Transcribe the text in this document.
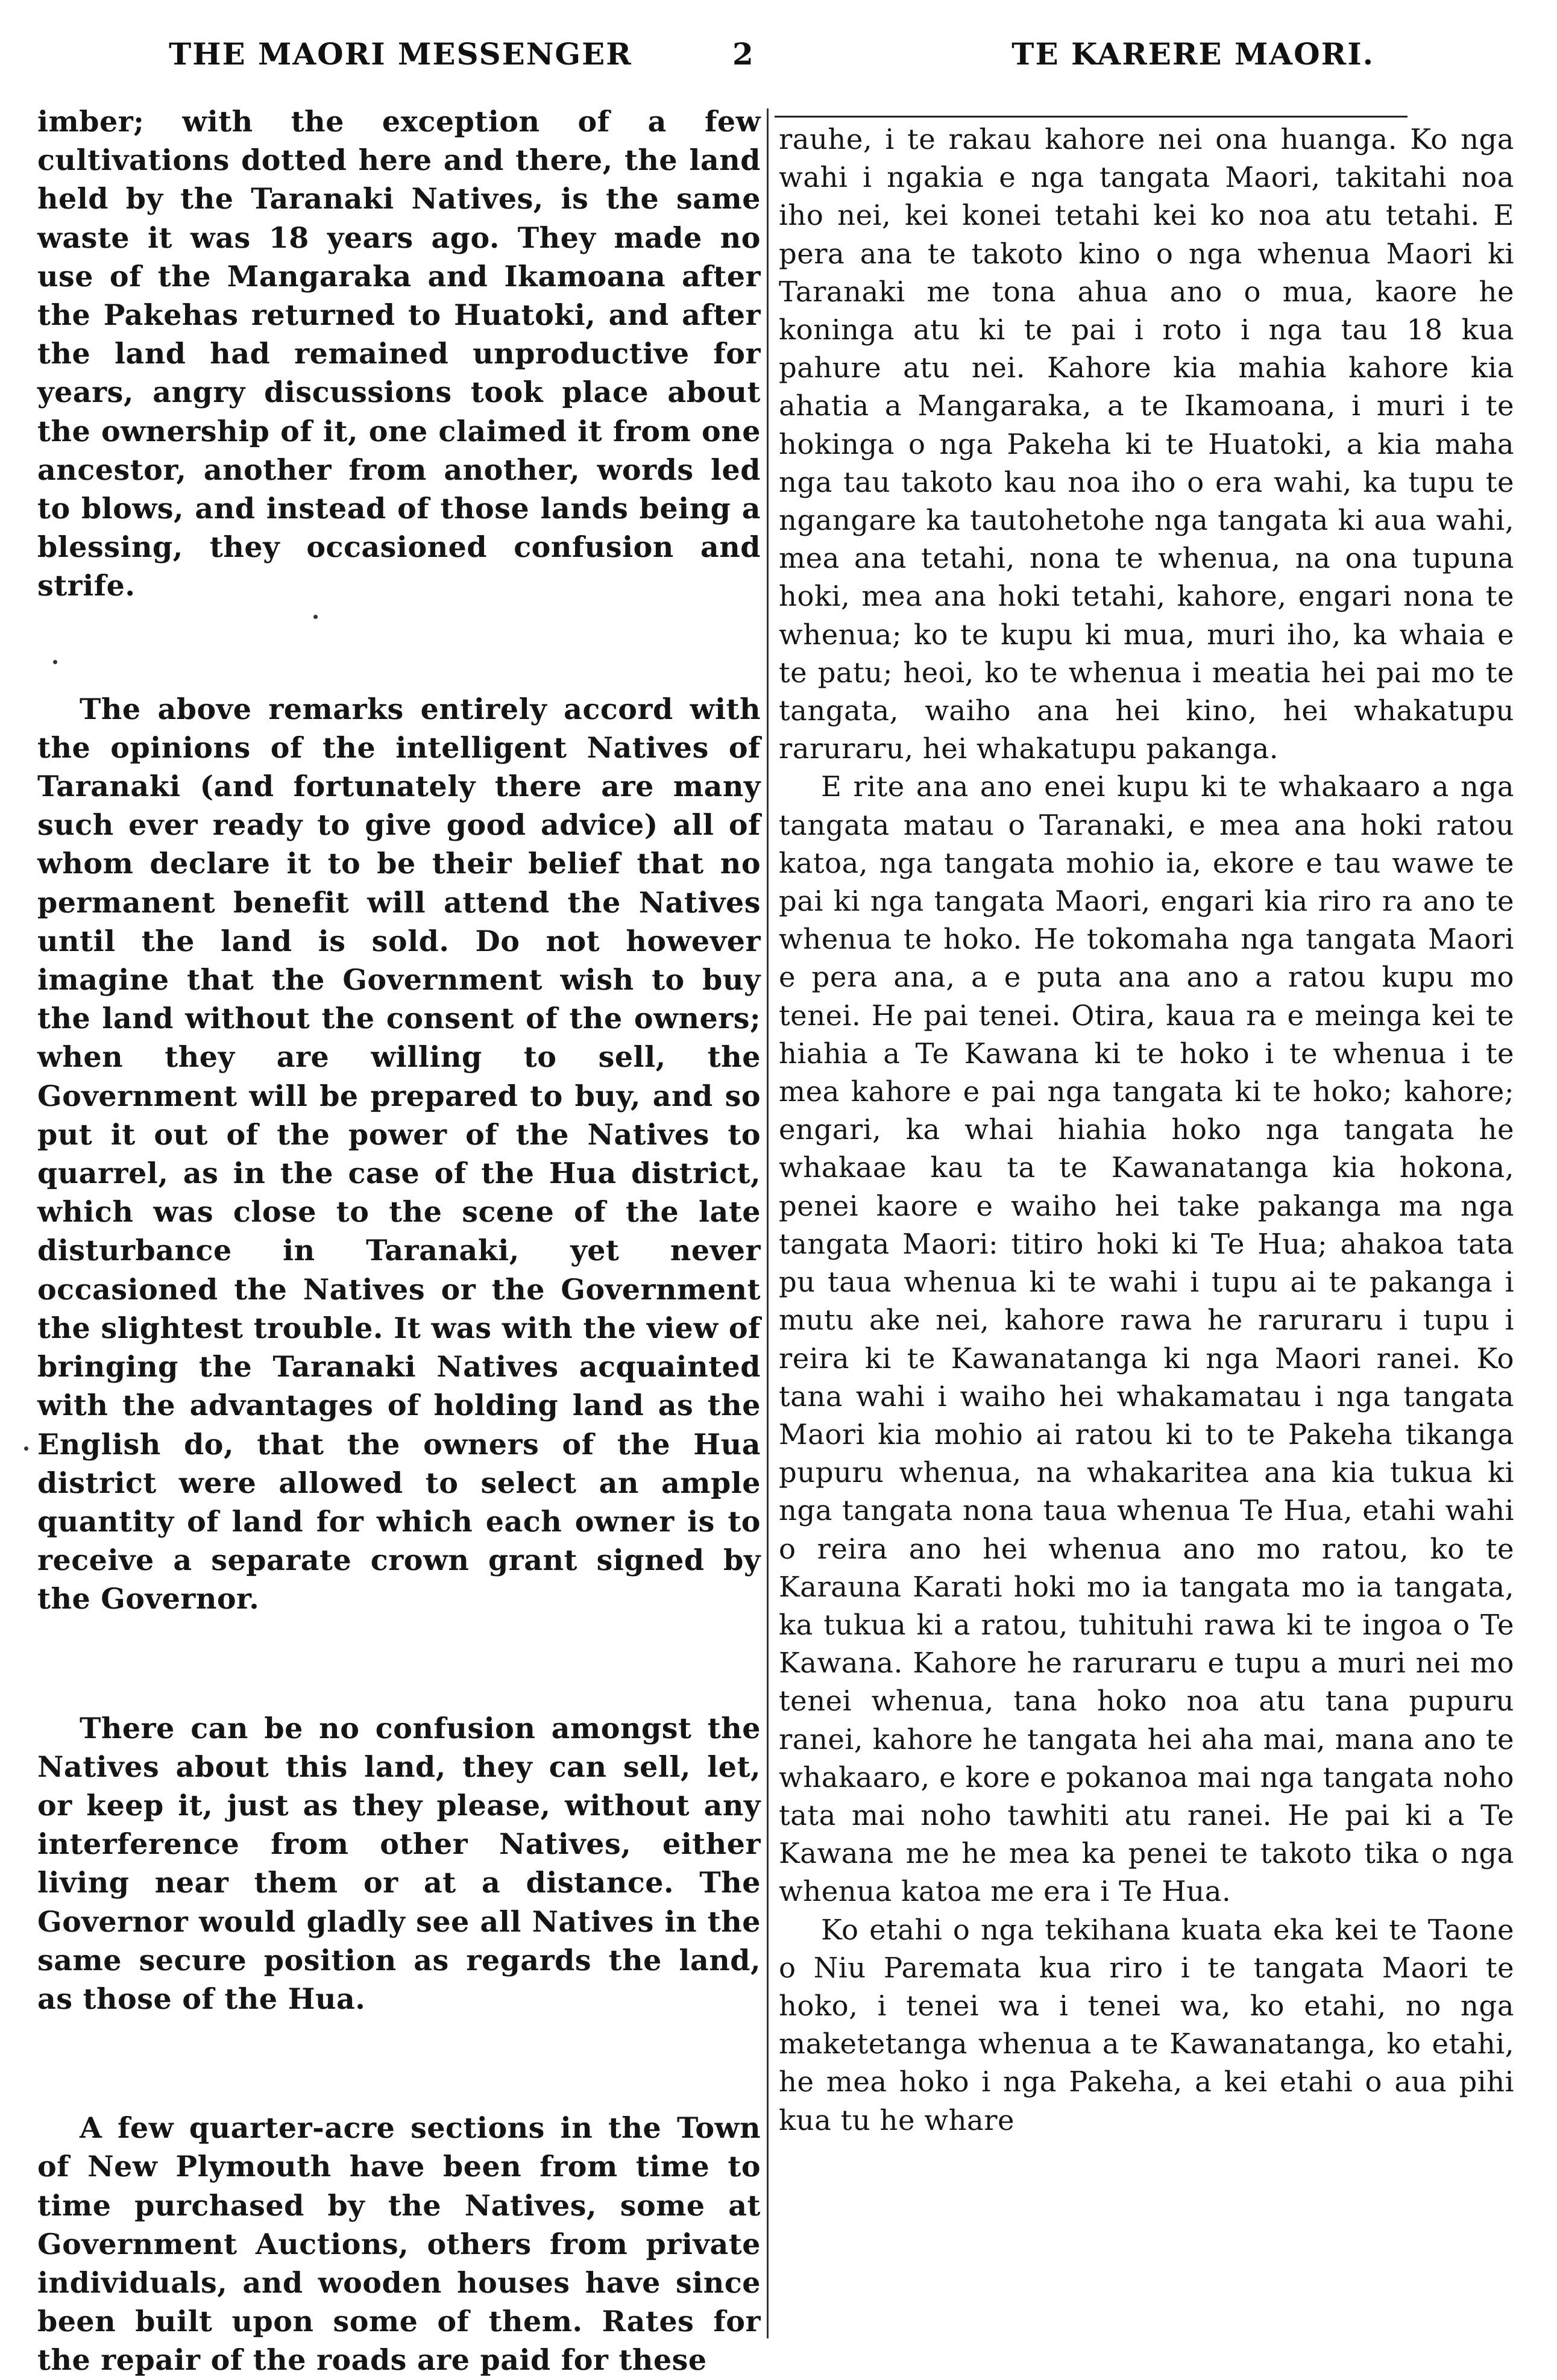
THE MAORI MESSENGER	2	TE KARERE MAORI.

imber; with the exception of a few cultivations dotted here and there, the land held by the Taranaki Natives, is the same waste it was 18 years ago. They made no use of the Mangaraka and Ikamoana after the Pakehas returned to Huatoki, and after the land had remained unproductive for years, angry discussions took place about the ownership of it, one claimed it from one ancestor, another from another, words led to blows, and instead of those lands being a blessing, they occasioned confusion and strife.

The above remarks entirely accord with the opinions of the intelligent Natives of Taranaki (and fortunately there are many such ever ready to give good advice) all of whom declare it to be their belief that no permanent benefit will attend the Natives until the land is sold. Do not however imagine that the Government wish to buy the land without the consent of the owners; when they are willing to sell, the Government will be prepared to buy, and so put it out of the power of the Natives to quarrel, as in the case of the Hua district, which was close to the scene of the late disturbance in Taranaki, yet never occasioned the Natives or the Government the slightest trouble. It was with the view of bringing the Taranaki Natives acquainted with the advantages of holding land as the English do, that the owners of the Hua district were allowed to select an ample quantity of land for which each owner is to receive a separate crown grant signed by the Governor.

There can be no confusion amongst the Natives about this land, they can sell, let, or keep it, just as they please, without any interference from other Natives, either living near them or at a distance. The Governor would gladly see all Natives in the same secure position as regards the land, as those of the Hua.

A few quarter-acre sections in the Town of New Plymouth have been from time to time purchased by the Natives, some at Government Auctions, others from private individuals, and wooden houses have since been built upon some of them. Rates for the repair of the roads are paid for these

rauhe, i te rakau kahore nei ona huanga. Ko nga wahi i ngakia e nga tangata Maori, takitahi noa iho nei, kei konei tetahi kei ko noa atu tetahi. E pera ana te takoto kino o nga whenua Maori ki Taranaki me tona ahua ano o mua, kaore he koninga atu ki te pai i roto i nga tau 18 kua pahure atu nei. Kahore kia mahia kahore kia ahatia a Mangaraka, a te Ikamoana, i muri i te hokinga o nga Pakeha ki te Huatoki, a kia maha nga tau takoto kau noa iho o era wahi, ka tupu te ngangare ka tautohetohe nga tangata ki aua wahi, mea ana tetahi, nona te whenua, na ona tupuna hoki, mea ana hoki tetahi, kahore, engari nona te whenua; ko te kupu ki mua, muri iho, ka whaia e te patu; heoi, ko te whenua i meatia hei pai mo te tangata, waiho ana hei kino, hei whakatupu raruraru, hei whakatupu pakanga.

E rite ana ano enei kupu ki te whakaaro a nga tangata matau o Taranaki, e mea ana hoki ratou katoa, nga tangata mohio ia, ekore e tau wawe te pai ki nga tangata Maori, engari kia riro ra ano te whenua te hoko. He tokomaha nga tangata Maori e pera ana, a e puta ana ano a ratou kupu mo tenei. He pai tenei. Otira, kaua ra e meinga kei te hiahia a Te Kawana ki te hoko i te whenua i te mea kahore e pai nga tangata ki te hoko; kahore; engari, ka whai hiahia hoko nga tangata he whakaae kau ta te Kawanatanga kia hokona, penei kaore e waiho hei take pakanga ma nga tangata Maori: titiro hoki ki Te Hua; ahakoa tata pu taua whenua ki te wahi i tupu ai te pakanga i mutu ake nei, kahore rawa he raruraru i tupu i reira ki te Kawanatanga ki nga Maori ranei. Ko tana wahi i waiho hei whakamatau i nga tangata Maori kia mohio ai ratou ki to te Pakeha tikanga pupuru whenua, na whakaritea ana kia tukua ki nga tangata nona taua whenua Te Hua, etahi wahi o reira ano hei whenua ano mo ratou, ko te Karauna Karati hoki mo ia tangata mo ia tangata, ka tukua ki a ratou, tuhituhi rawa ki te ingoa o Te Kawana. Kahore he raruraru e tupu a muri nei mo tenei whenua, tana hoko noa atu tana pupuru ranei, kahore he tangata hei aha mai, mana ano te whakaaro, e kore e pokanoa mai nga tangata noho tata mai noho tawhiti atu ranei. He pai ki a Te Kawana me he mea ka penei te takoto tika o nga whenua katoa me era i Te Hua.

Ko etahi o nga tekihana kuata eka kei te Taone o Niu Paremata kua riro i te tangata Maori te hoko, i tenei wa i tenei wa, ko etahi, no nga maketetanga whenua a te Kawanatanga, ko etahi, he mea hoko i nga Pakeha, a kei etahi o aua pihi kua tu he whare
